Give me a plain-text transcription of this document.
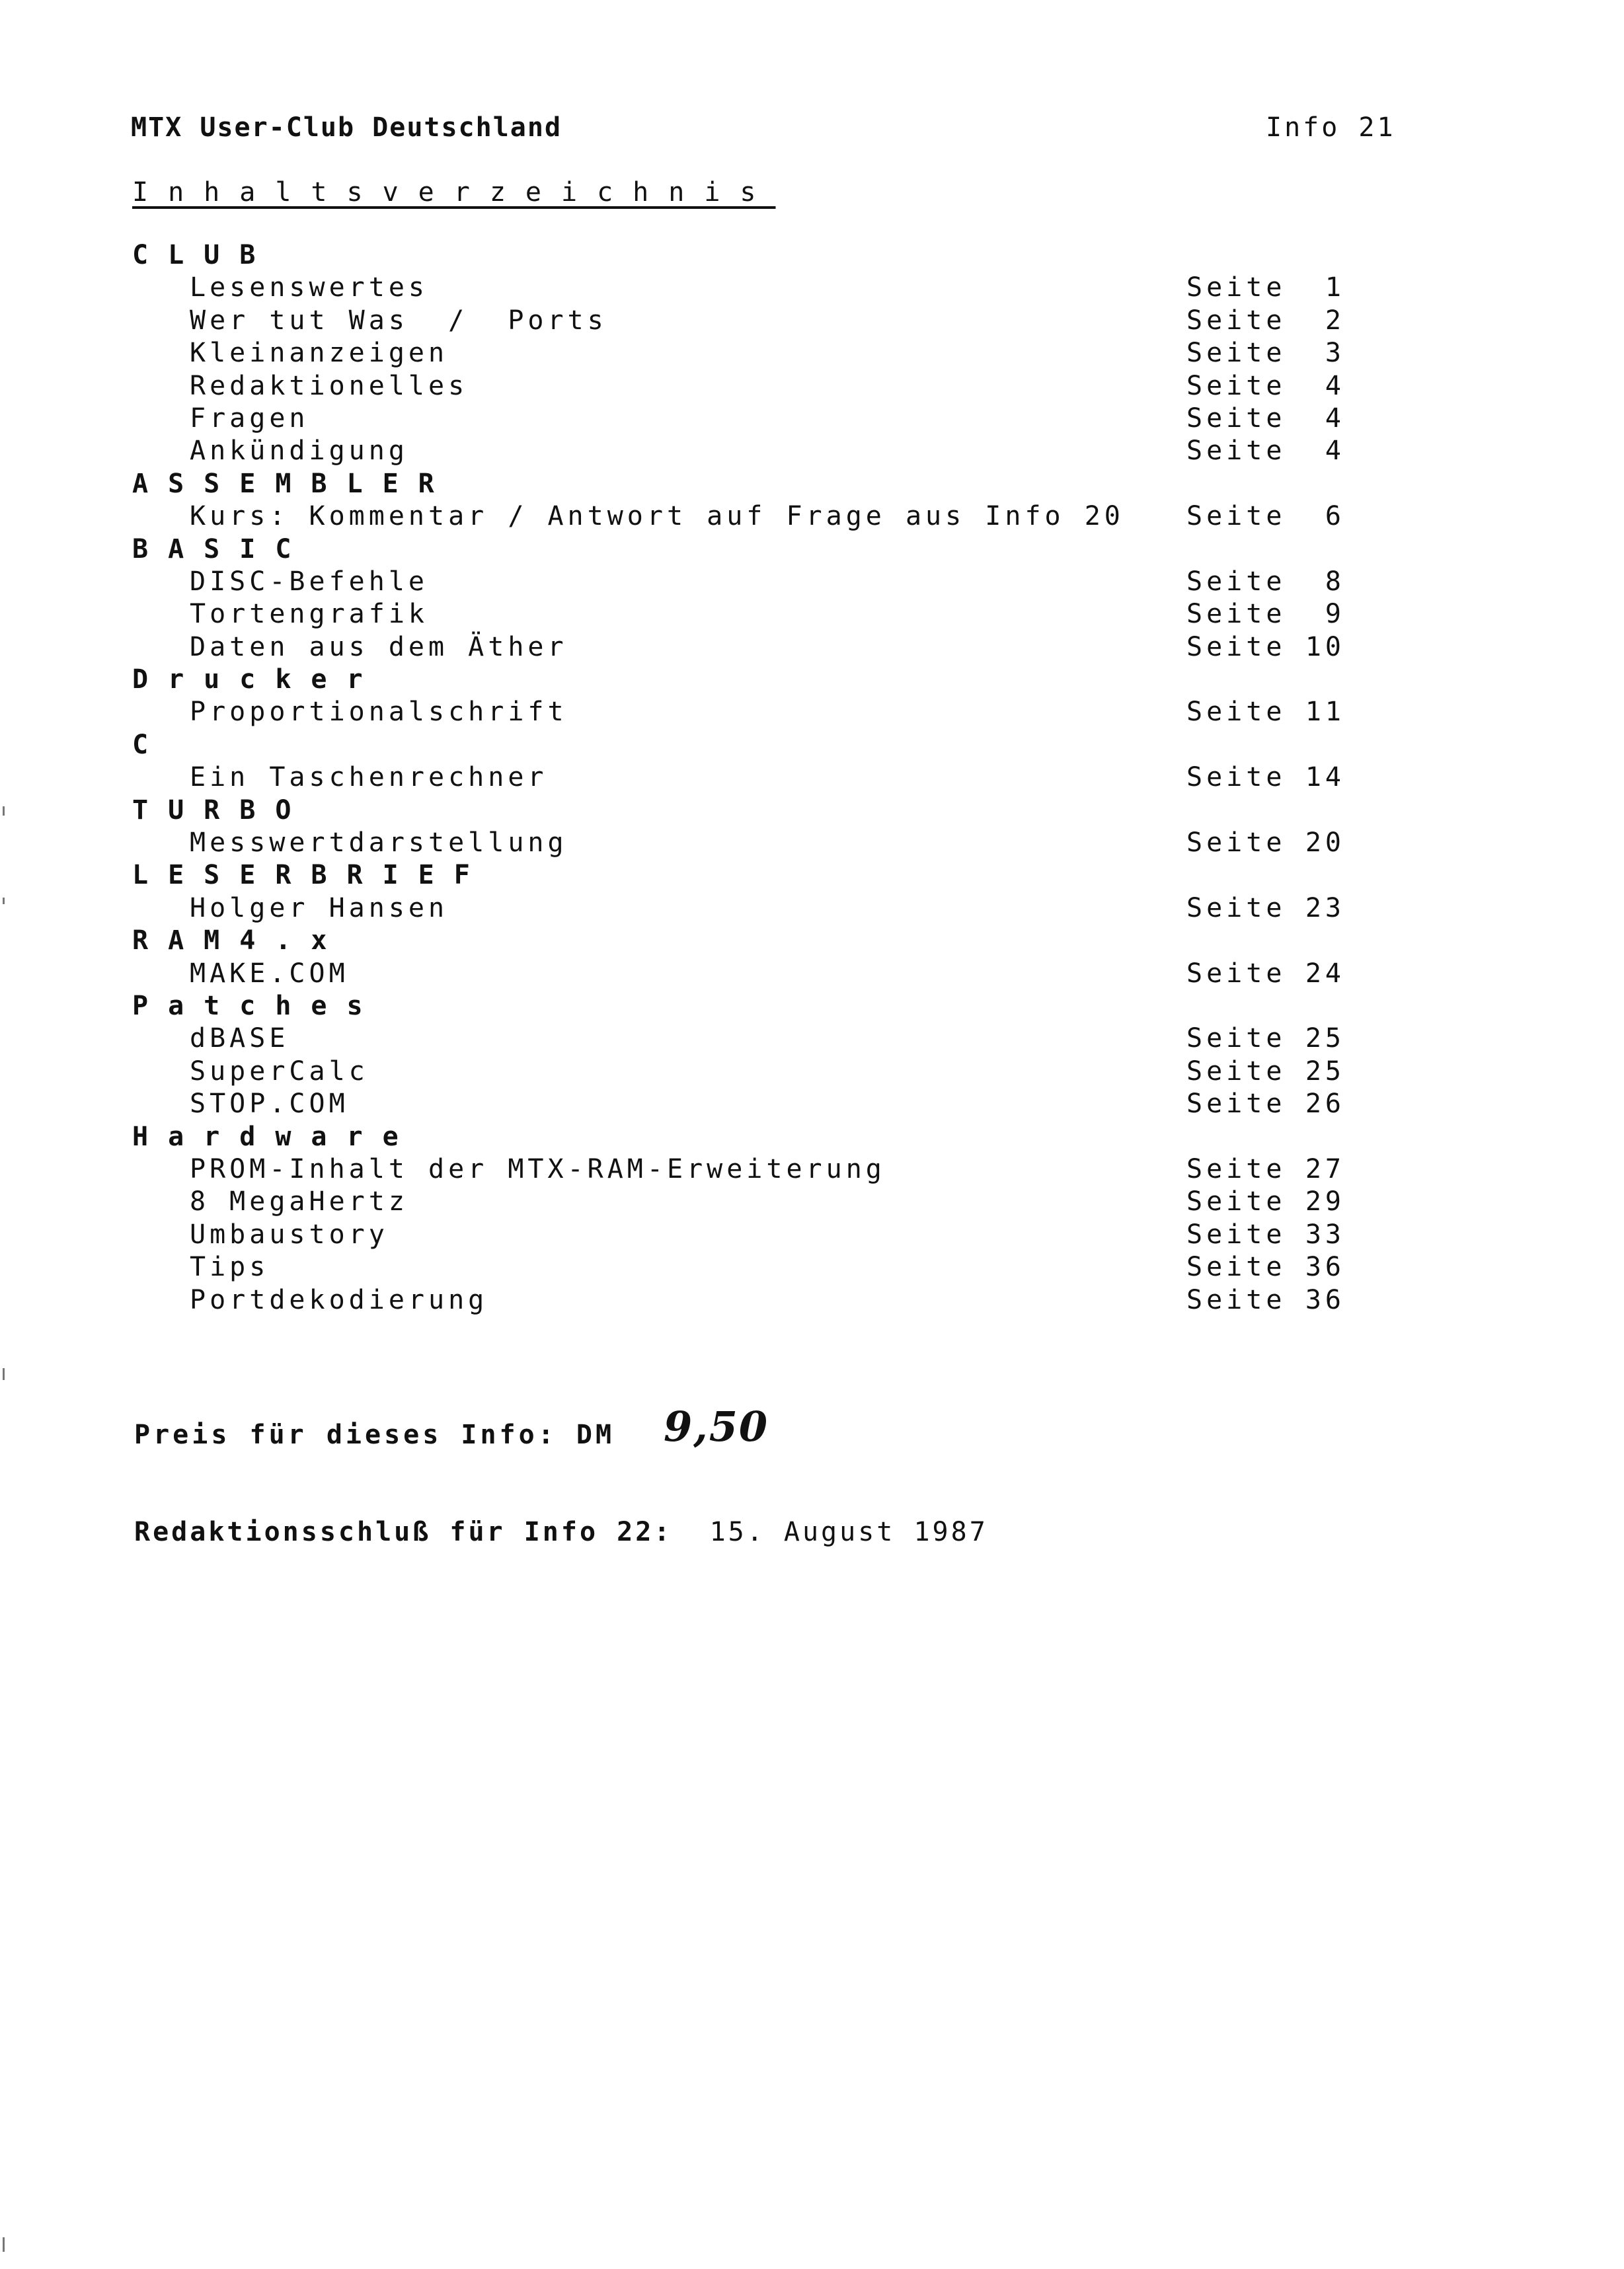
MTX User-Club Deutschland	Info 21
Inhaltsverzeichnis
CLUB
Lesenswertes	Seite 1
Wer tut Was  /  Ports	Seite 2
Kleinanzeigen	Seite 3
Redaktionelles	Seite 4
Fragen	Seite 4
Ankündigung	Seite 4
ASSEMBLER
Kurs: Kommentar / Antwort auf Frage aus Info 20 Seite 6
BASIC
DISC-Befehle	Seite 8
Tortengrafik	Seite 9
Daten aus dem Äther	Seite 10
Drucker
Proportionalschrift	Seite 11
C
Ein Taschenrechner	Seite 14
TURBO
Messwertdarstellung	Seite 20
LESERBRIEF
Holger Hansen	Seite 23
RAM4.x
MAKE.COM	Seite 24
Patches
dBASE	Seite 25
SuperCalc	Seite 25
STOP.COM	Seite 26
Hardware
PROM-Inhalt der MTX-RAM-Erweiterung	Seite 27
8 MegaHertz	Seite 29
Umbaustory	Seite 33
Tips	Seite 36
Portdekodierung	Seite 36
Preis für dieses Info: DM 9,50
Redaktionsschluß für Info 22: 15. August 1987
